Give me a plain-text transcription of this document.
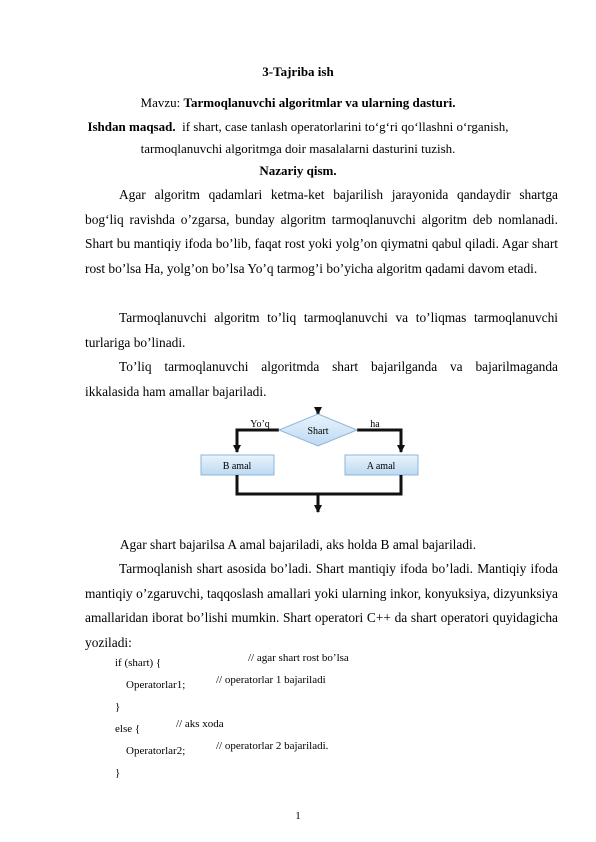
3-Tajriba ish
Mavzu: Tarmoqlanuvchi algoritmlar va ularning dasturi.
Ishdan maqsad. if shart, case tanlash operatorlarini to‘g‘ri qo‘llashni o‘rganish,
tarmoqlanuvchi algoritmga doir masalalarni dasturini tuzish.
Nazariy qism.
Agar algoritm qadamlari ketma-ket bajarilish jarayonida qandaydir shartga bog‘liq ravishda o’zgarsa, bunday algoritm tarmoqlanuvchi algoritm deb nomlanadi. Shart bu mantiqiy ifoda bo’lib, faqat rost yoki yolg’on qiymatni qabul qiladi. Agar shart rost bo’lsa Ha, yolg’on bo’lsa Yo’q tarmog’i bo’yicha algoritm qadami davom etadi.
Tarmoqlanuvchi algoritm to’liq tarmoqlanuvchi va to’liqmas tarmoqlanuvchi turlariga bo’linadi.
To’liq tarmoqlanuvchi algoritmda shart bajarilganda va bajarilmaganda ikkalasida ham amallar bajariladi.
Shart
Yo’q	ha
B amal	A amal
Agar shart bajarilsa A amal bajariladi, aks holda B amal bajariladi.
Tarmoqlanish shart asosida bo’ladi. Shart mantiqiy ifoda bo’ladi. Mantiqiy ifoda mantiqiy o’zgaruvchi, taqqoslash amallari yoki ularning inkor, konyuksiya, dizyunksiya amallaridan iborat bo’lishi mumkin. Shart operatori C++ da shart operatori quyidagicha yoziladi:
if (shart) {	// agar shart rost bo’lsa
Operatorlar1;	// operatorlar 1 bajariladi
}
else {	// aks xoda
Operatorlar2;	// operatorlar 2 bajariladi.
}
1
